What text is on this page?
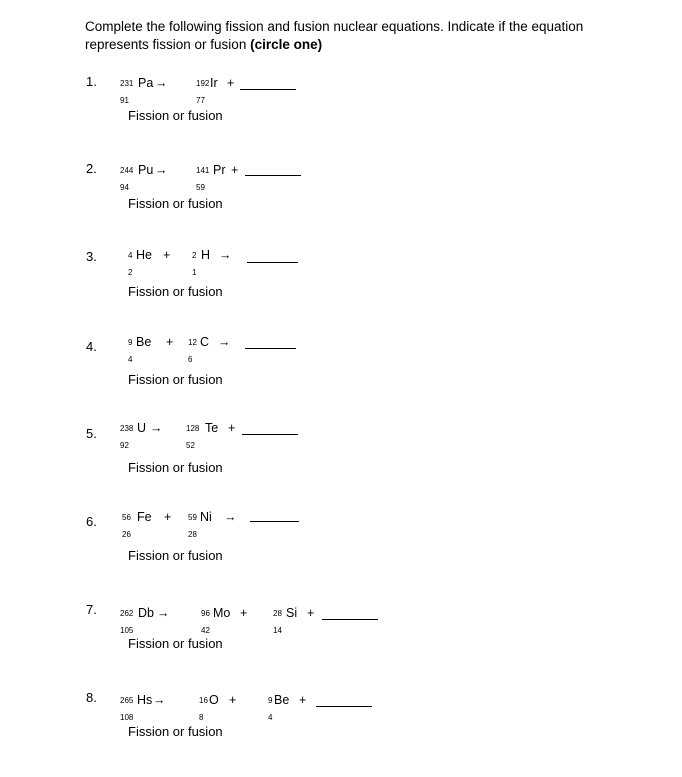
Complete the following fission and fusion nuclear equations. Indicate if the equation represents fission or fusion (circle one)
1.	231
91
Pa →	192
77
Ir +
Fission or fusion
2.	244
94
Pu →	141
59
Pr +
Fission or fusion
3.	4
2
He +	2
1
H →
Fission or fusion
4.	9
4
Be + 12
6
C →
Fission or fusion
5.	238
92
U →	128
52
Te +
Fission or fusion
6.	56
26
Fe + 59
28
Ni →
Fission or fusion
7.	262
105
Db →	96
42
Mo +	28
14
Si +
Fission or fusion
8.	265
108
Hs →	16
8
O +	9
4
Be +
Fission or fusion
